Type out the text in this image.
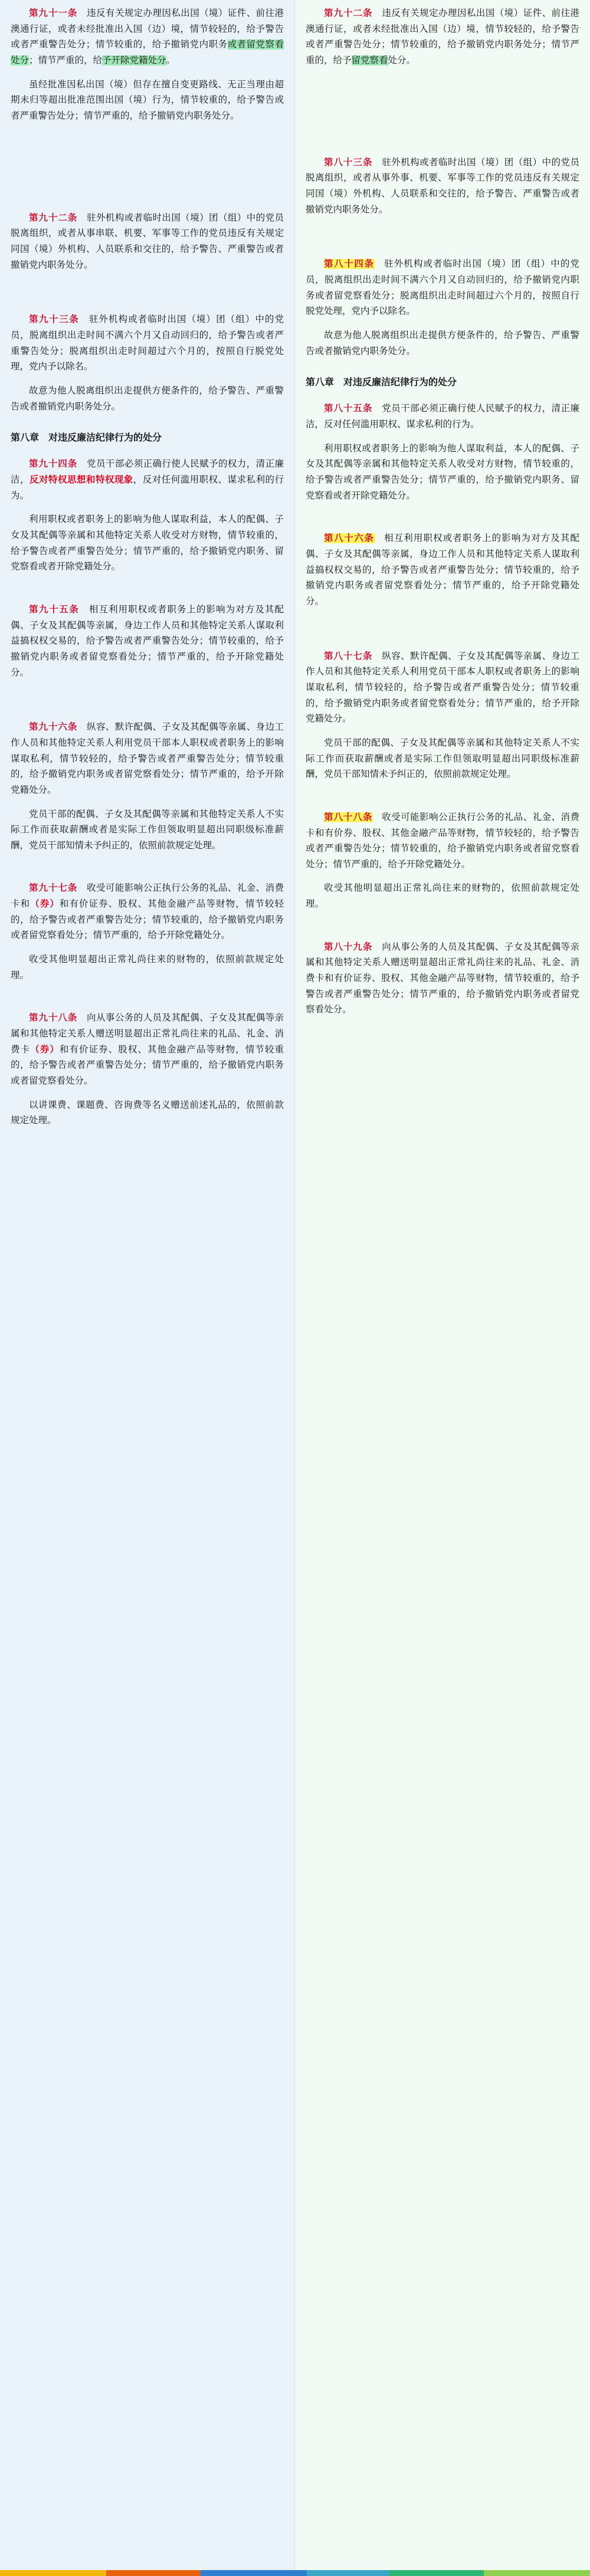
第九十一条　违反有关规定办理因私出国（境）证件、前往港澳通行证，或者未经批准出入国（边）境，情节较轻的，给予警告或者严重警告处分；情节较重的，给予撤销党内职务或者留党察看处分；情节严重的，给予开除党籍处分。

虽经批准因私出国（境）但存在擅自变更路线、无正当理由超期未归等超出批准范围出国（境）行为，情节较重的，给予警告或者严重警告处分；情节严重的，给予撤销党内职务处分。

第九十二条　驻外机构或者临时出国（境）团（组）中的党员脱离组织，或者从事串联、机要、军事等工作的党员违反有关规定同国（境）外机构、人员联系和交往的，给予警告、严重警告或者撤销党内职务处分。

第九十三条　驻外机构或者临时出国（境）团（组）中的党员，脱离组织出走时间不满六个月又自动回归的，给予警告或者严重警告处分；脱离组织出走时间超过六个月的，按照自行脱党处理，党内予以除名。

故意为他人脱离组织出走提供方便条件的，给予警告、严重警告或者撤销党内职务处分。

第八章　对违反廉洁纪律行为的处分

第九十四条　党员干部必须正确行使人民赋予的权力，清正廉洁，反对特权思想和特权现象，反对任何滥用职权、谋求私利的行为。

利用职权或者职务上的影响为他人谋取利益，本人的配偶、子女及其配偶等亲属和其他特定关系人收受对方财物，情节较重的，给予警告或者严重警告处分；情节严重的，给予撤销党内职务、留党察看或者开除党籍处分。

第九十五条　相互利用职权或者职务上的影响为对方及其配偶、子女及其配偶等亲属，身边工作人员和其他特定关系人谋取利益搞权权交易的，给予警告或者严重警告处分；情节较重的，给予撤销党内职务或者留党察看处分；情节严重的，给予开除党籍处分。

第九十六条　纵容、默许配偶、子女及其配偶等亲属、身边工作人员和其他特定关系人利用党员干部本人职权或者职务上的影响谋取私利，情节较轻的，给予警告或者严重警告处分；情节较重的，给予撤销党内职务或者留党察看处分；情节严重的，给予开除党籍处分。

党员干部的配偶、子女及其配偶等亲属和其他特定关系人不实际工作而获取薪酬或者是实际工作但领取明显超出同职级标准薪酬，党员干部知情未予纠正的，依照前款规定处理。

第九十七条　收受可能影响公正执行公务的礼品、礼金、消费卡和（券）和有价证券、股权、其他金融产品等财物，情节较轻的，给予警告或者严重警告处分；情节较重的，给予撤销党内职务或者留党察看处分；情节严重的，给予开除党籍处分。

收受其他明显超出正常礼尚往来的财物的，依照前款规定处理。

第九十八条　向从事公务的人员及其配偶、子女及其配偶等亲属和其他特定关系人赠送明显超出正常礼尚往来的礼品、礼金、消费卡（券）和有价证券、股权、其他金融产品等财物，情节较重的，给予警告或者严重警告处分；情节严重的，给予撤销党内职务或者留党察看处分。

以讲课费、课题费、咨询费等名义赠送前述礼品的，依照前款规定处理。

第九十二条　违反有关规定办理因私出国（境）证件、前往港澳通行证，或者未经批准出入国（边）境，情节较轻的，给予警告或者严重警告处分；情节较重的，给予撤销党内职务处分；情节严重的，给予留党察看处分。

第八十三条　驻外机构或者临时出国（境）团（组）中的党员脱离组织，或者从事外事、机要、军事等工作的党员违反有关规定同国（境）外机构、人员联系和交往的，给予警告、严重警告或者撤销党内职务处分。

第八十四条　驻外机构或者临时出国（境）团（组）中的党员，脱离组织出走时间不满六个月又自动回归的，给予撤销党内职务或者留党察看处分；脱离组织出走时间超过六个月的，按照自行脱党处理，党内予以除名。

故意为他人脱离组织出走提供方便条件的，给予警告、严重警告或者撤销党内职务处分。

第八章　对违反廉洁纪律行为的处分

第八十五条　党员干部必须正确行使人民赋予的权力，清正廉洁，反对任何滥用职权、谋求私利的行为。

利用职权或者职务上的影响为他人谋取利益，本人的配偶、子女及其配偶等亲属和其他特定关系人收受对方财物，情节较重的，给予警告或者严重警告处分；情节严重的，给予撤销党内职务、留党察看或者开除党籍处分。

第八十六条　相互利用职权或者职务上的影响为对方及其配偶、子女及其配偶等亲属，身边工作人员和其他特定关系人谋取利益搞权权交易的，给予警告或者严重警告处分；情节较重的，给予撤销党内职务或者留党察看处分；情节严重的，给予开除党籍处分。

第八十七条　纵容、默许配偶、子女及其配偶等亲属、身边工作人员和其他特定关系人利用党员干部本人职权或者职务上的影响谋取私利，情节较轻的，给予警告或者严重警告处分；情节较重的，给予撤销党内职务或者留党察看处分；情节严重的，给予开除党籍处分。

党员干部的配偶、子女及其配偶等亲属和其他特定关系人不实际工作而获取薪酬或者是实际工作但领取明显超出同职级标准薪酬，党员干部知情未予纠正的，依照前款规定处理。

第八十八条　收受可能影响公正执行公务的礼品、礼金、消费卡和有价券、股权、其他金融产品等财物，情节较轻的，给予警告或者严重警告处分；情节较重的，给予撤销党内职务或者留党察看处分；情节严重的，给予开除党籍处分。

收受其他明显超出正常礼尚往来的财物的，依照前款规定处理。

第八十九条　向从事公务的人员及其配偶、子女及其配偶等亲属和其他特定关系人赠送明显超出正常礼尚往来的礼品、礼金、消费卡和有价证券、股权、其他金融产品等财物，情节较重的，给予警告或者严重警告处分；情节严重的，给予撤销党内职务或者留党察看处分。
